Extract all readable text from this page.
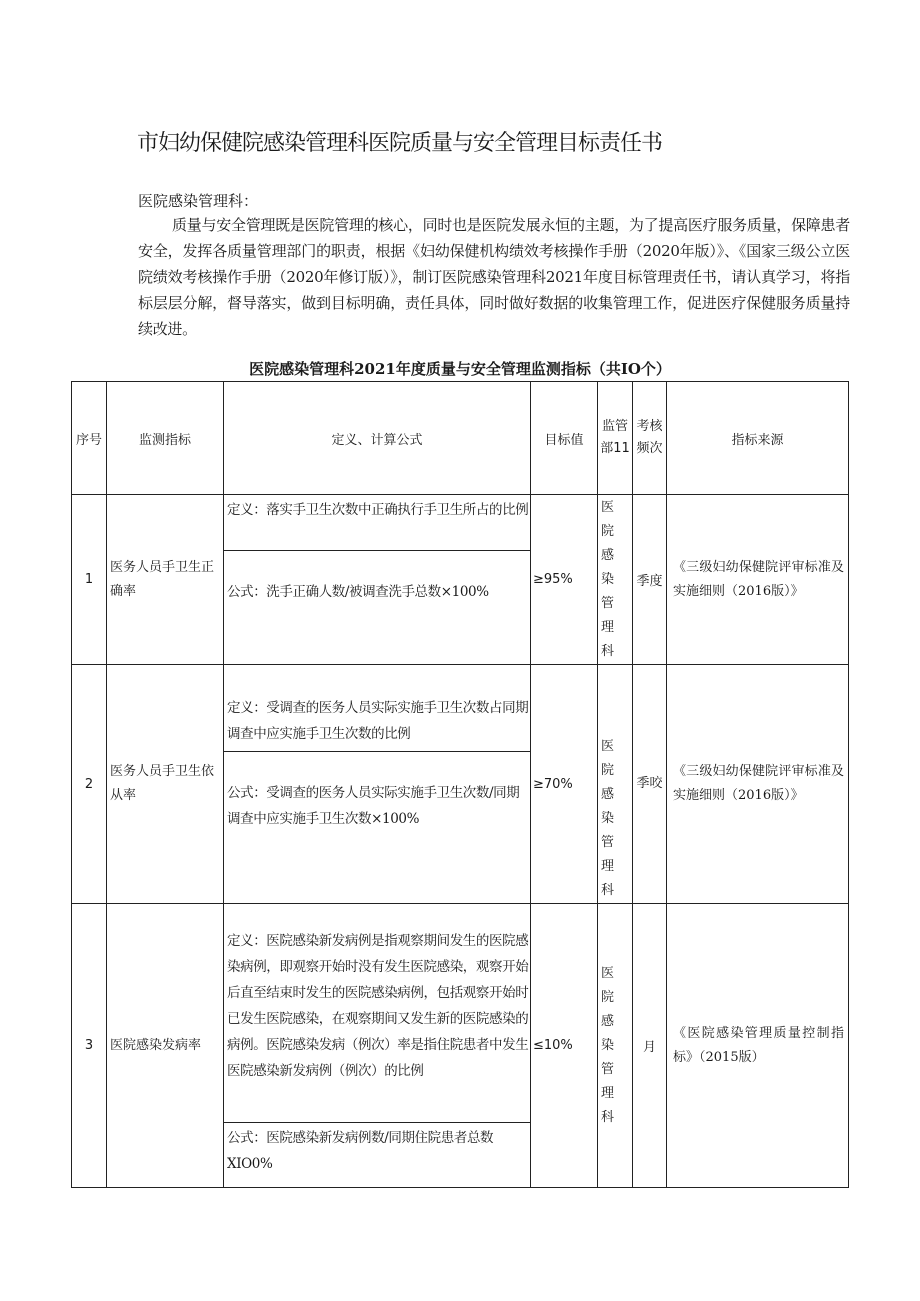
市妇幼保健院感染管理科医院质量与安全管理目标责任书
医院感染管理科：

质量与安全管理既是医院管理的核心，同时也是医院发展永恒的主题，为了提高医疗服务质量，保障患者安全，发挥各质量管理部门的职责，根据《妇幼保健机构绩效考核操作手册（2020年版）》、《国家三级公立医院绩效考核操作手册（2020年修订版）》，制订医院感染管理科2021年度目标管理责任书，请认真学习，将指标层层分解，督导落实，做到目标明确，责任具体，同时做好数据的收集管理工作，促进医疗保健服务质量持续改进。

医院感染管理科2021年度质量与安全管理监测指标（共IO个）
序号	监测指标	定义、计算公式	目标值	监管部11	考核频次	指标来源
1	医务人员手卫生正确率	定义：落实手卫生次数中正确执行手卫生所占的比例
公式：洗手正确人数/被调查洗手总数×100%	≥95%	医院感染管理科	季度	《三级妇幼保健院评审标准及实施细则（2016版）》
2	医务人员手卫生依从率	定义：受调查的医务人员实际实施手卫生次数占同期调查中应实施手卫生次数的比例
公式：受调查的医务人员实际实施手卫生次数/同期调查中应实施手卫生次数×100%	≥70%	医院感染管理科	季咬	《三级妇幼保健院评审标准及实施细则（2016版）》
3	医院感染发病率	定义：医院感染新发病例是指观察期间发生的医院感染病例，即观察开始时没有发生医院感染，观察开始后直至结束时发生的医院感染病例，包括观察开始时已发生医院感染，在观察期间又发生新的医院感染的病例。医院感染发病（例次）率是指住院患者中发生医院感染新发病例（例次）的比例
公式：医院感染新发病例数/同期住院患者总数XIO0%	≤10%	医院感染管理科	月	《医院感染管理质量控制指标》（2015版）
